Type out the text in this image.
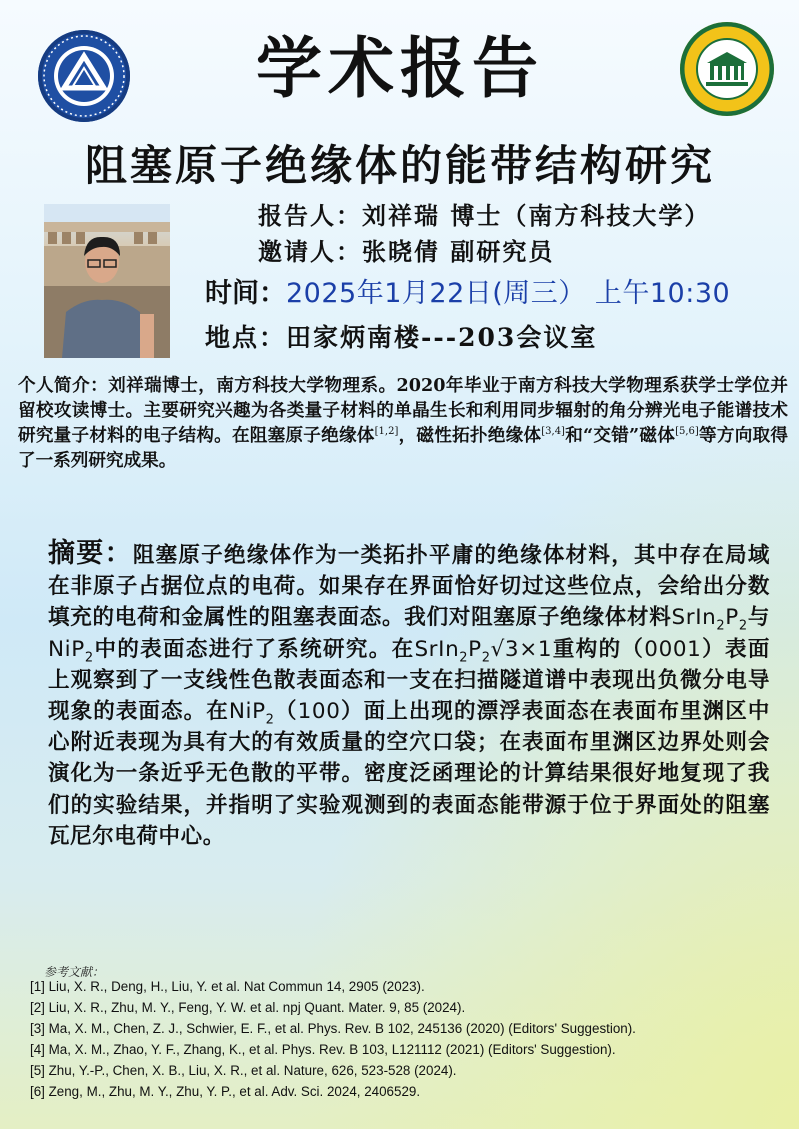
学术报告
阻塞原子绝缘体的能带结构研究
报告人：刘祥瑞 博士（南方科技大学）
邀请人：张晓倩 副研究员
时间：2025年1月22日(周三） 上午10:30
地点：田家炳南楼---203会议室
个人简介：刘祥瑞博士，南方科技大学物理系。2020年毕业于南方科技大学物理系获学士学位并留校攻读博士。主要研究兴趣为各类量子材料的单晶生长和利用同步辐射的角分辨光电子能谱技术研究量子材料的电子结构。在阻塞原子绝缘体[1,2]，磁性拓扑绝缘体[3,4]和“交错”磁体[5,6]等方向取得了一系列研究成果。
摘要：阻塞原子绝缘体作为一类拓扑平庸的绝缘体材料，其中存在局域在非原子占据位点的电荷。如果存在界面恰好切过这些位点，会给出分数填充的电荷和金属性的阻塞表面态。我们对阻塞原子绝缘体材料$SrIn_2P_2$与NiP$_2$中的表面态进行了系统研究。在$SrIn_2P_2√3\times 1$重构的（0001）表面上观察到了一支线性色散表面态和一支在扫描隧道谱中表现出负微分电导现象的表面态。在NiP$_2$（100）面上出现的漂浮表面态在表面布里渊区中心附近表现为具有大的有效质量的空穴口袋；在表面布里渊区边界处则会演化为一条近乎无色散的平带。密度泛函理论的计算结果很好地复现了我们的实验结果，并指明了实验观测到的表面态能带源于位于界面处的阻塞瓦尼尔电荷中心。
参考文献：
[1] Liu, X. R., Deng, H., Liu, Y. et al. Nat Commun 14, 2905 (2023).
[2] Liu, X. R., Zhu, M. Y., Feng, Y. W. et al. npj Quant. Mater. 9, 85 (2024).
[3] Ma, X. M., Chen, Z. J., Schwier, E. F., et al. Phys. Rev. B 102, 245136 (2020) (Editors' Suggestion).
[4] Ma, X. M., Zhao, Y. F., Zhang, K., et al. Phys. Rev. B 103, L121112 (2021) (Editors' Suggestion).
[5] Zhu, Y.-P., Chen, X. B., Liu, X. R., et al. Nature, 626, 523-528 (2024).
[6] Zeng, M., Zhu, M. Y., Zhu, Y. P., et al. Adv. Sci. 2024, 2406529.
